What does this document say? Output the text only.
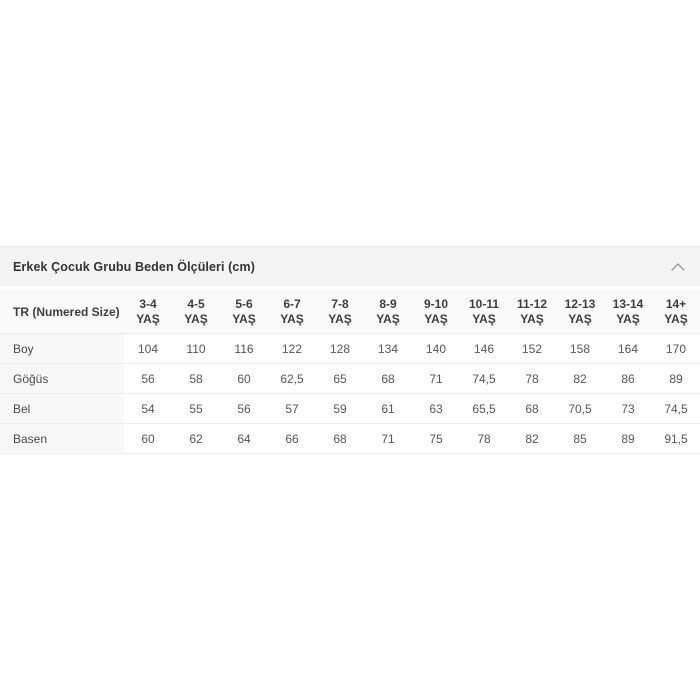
Erkek Çocuk Grubu Beden Ölçüleri (cm)
TR (Numered Size)	3-4 YAŞ	4-5 YAŞ	5-6 YAŞ	6-7 YAŞ	7-8 YAŞ	8-9 YAŞ	9-10 YAŞ	10-11 YAŞ	11-12 YAŞ	12-13 YAŞ	13-14 YAŞ	14+ YAŞ
Boy	104	110	116	122	128	134	140	146	152	158	164	170
Göğüs	56	58	60	62,5	65	68	71	74,5	78	82	86	89
Bel	54	55	56	57	59	61	63	65,5	68	70,5	73	74,5
Basen	60	62	64	66	68	71	75	78	82	85	89	91,5
